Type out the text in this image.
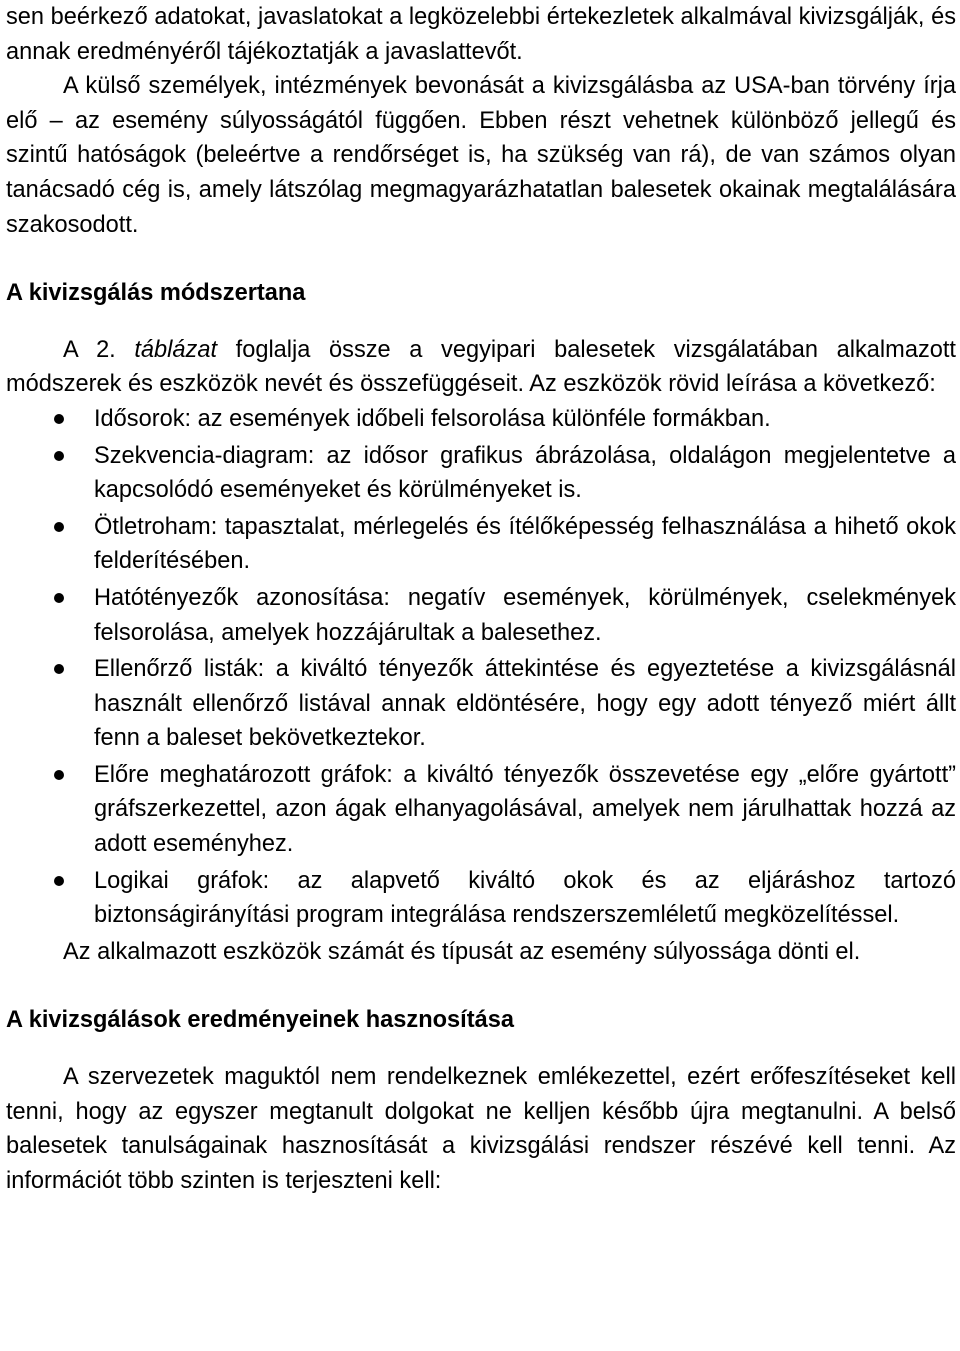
sen beérkező adatokat, javaslatokat a legközelebbi értekezletek alkalmával kivizsgálják, és annak eredményéről tájékoztatják a javaslattevőt.

A külső személyek, intézmények bevonását a kivizsgálásba az USA-ban törvény írja elő – az esemény súlyosságától függően. Ebben részt vehetnek különböző jellegű és szintű hatóságok (beleértve a rendőrséget is, ha szükség van rá), de van számos olyan tanácsadó cég is, amely látszólag megmagyarázhatatlan balesetek okainak megtalálására szakosodott.

A kivizsgálás módszertana

A 2. táblázat foglalja össze a vegyipari balesetek vizsgálatában alkalmazott módszerek és eszközök nevét és összefüggéseit. Az eszközök rövid leírása a következő:

Idősorok: az események időbeli felsorolása különféle formákban.
Szekvencia-diagram: az idősor grafikus ábrázolása, oldalágon megjelentetve a kapcsolódó eseményeket és körülményeket is.
Ötletroham: tapasztalat, mérlegelés és ítélőképesség felhasználása a hihető okok felderítésében.
Hatótényezők azonosítása: negatív események, körülmények, cselekmények felsorolása, amelyek hozzájárultak a balesethez.
Ellenőrző listák: a kiváltó tényezők áttekintése és egyeztetése a kivizsgálásnál használt ellenőrző listával annak eldöntésére, hogy egy adott tényező miért állt fenn a baleset bekövetkeztekor.
Előre meghatározott gráfok: a kiváltó tényezők összevetése egy „előre gyártott” gráfszerkezettel, azon ágak elhanyagolásával, amelyek nem járulhattak hozzá az adott eseményhez.
Logikai gráfok: az alapvető kiváltó okok és az eljáráshoz tartozó biztonságirányítási program integrálása rendszerszemléletű megközelítéssel.

Az alkalmazott eszközök számát és típusát az esemény súlyossága dönti el.

A kivizsgálások eredményeinek hasznosítása

A szervezetek maguktól nem rendelkeznek emlékezettel, ezért erőfeszítéseket kell tenni, hogy az egyszer megtanult dolgokat ne kelljen később újra megtanulni. A belső balesetek tanulságainak hasznosítását a kivizsgálási rendszer részévé kell tenni. Az információt több szinten is terjeszteni kell:
